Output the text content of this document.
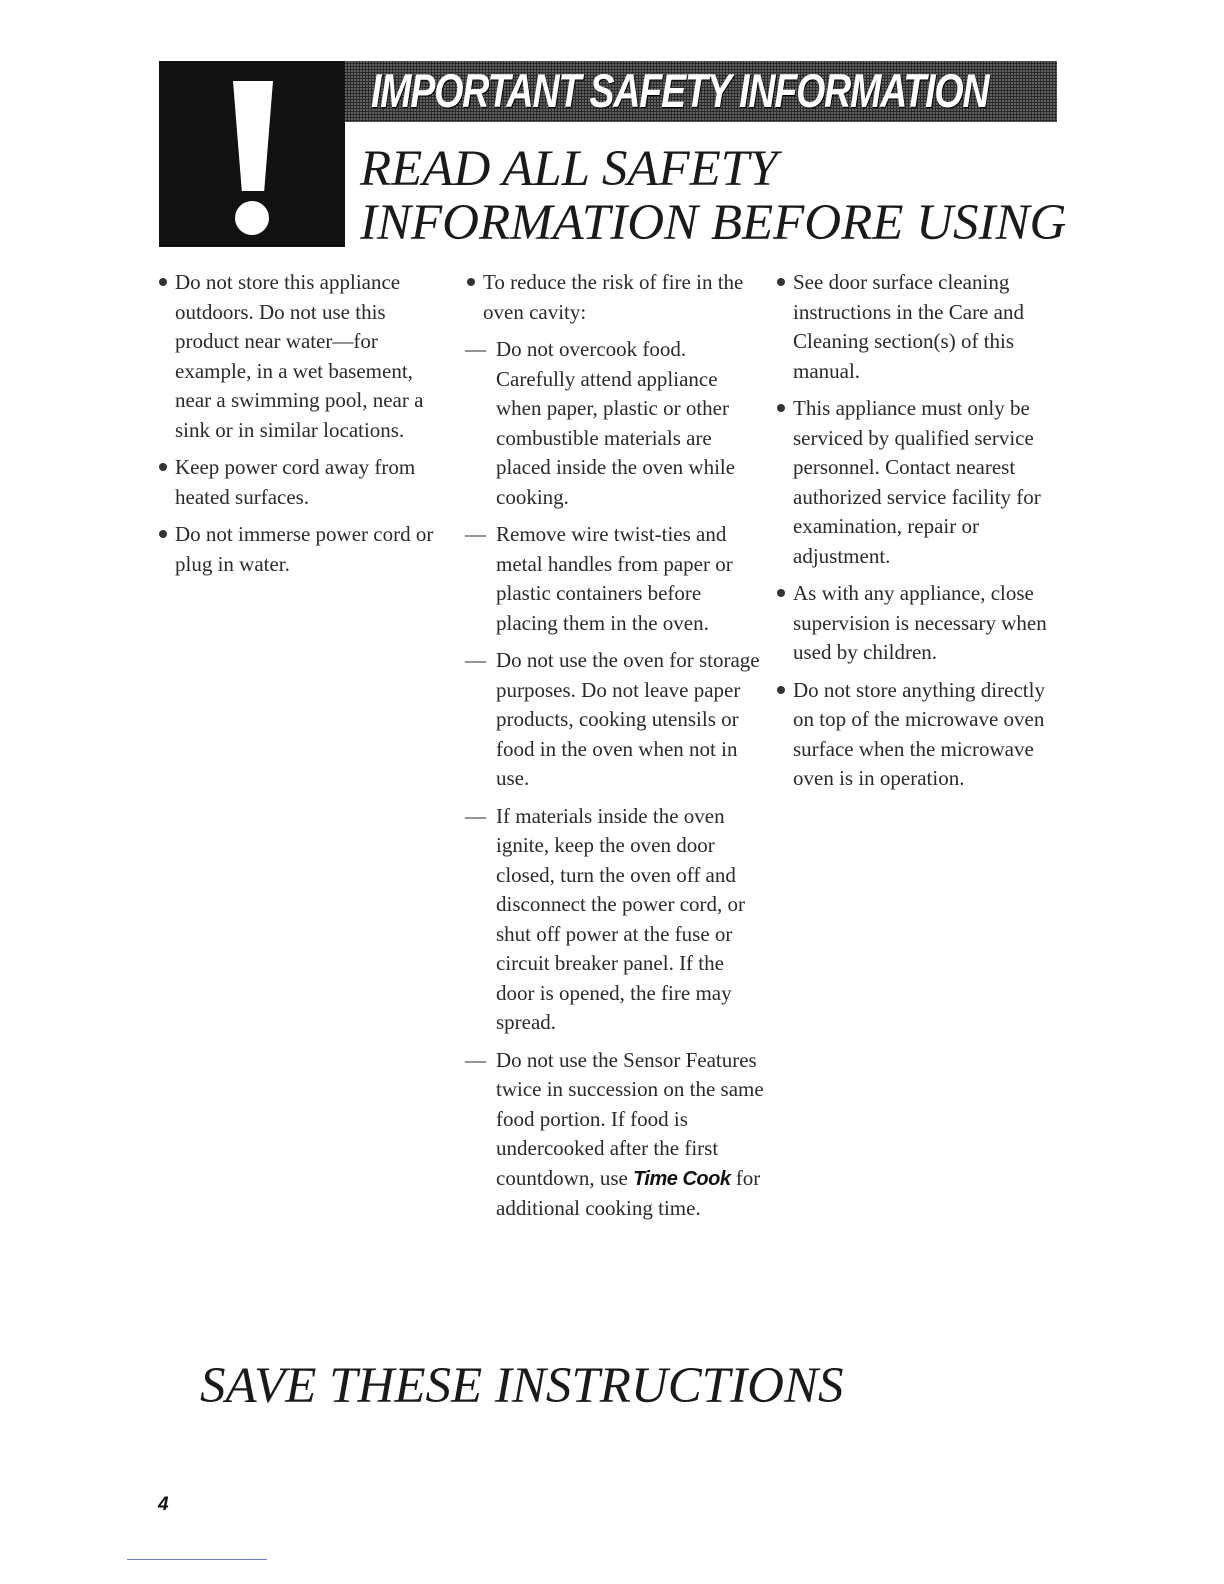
IMPORTANT SAFETY INFORMATION
READ ALL SAFETY
INFORMATION BEFORE USING
Do not store this appliance outdoors. Do not use this product near water—for example, in a wet basement, near a swimming pool, near a sink or in similar locations.
Keep power cord away from heated surfaces.
Do not immerse power cord or plug in water.
To reduce the risk of fire in the oven cavity:
— Do not overcook food. Carefully attend appliance when paper, plastic or other combustible materials are placed inside the oven while cooking.
— Remove wire twist-ties and metal handles from paper or plastic containers before placing them in the oven.
— Do not use the oven for storage purposes. Do not leave paper products, cooking utensils or food in the oven when not in use.
— If materials inside the oven ignite, keep the oven door closed, turn the oven off and disconnect the power cord, or shut off power at the fuse or circuit breaker panel. If the door is opened, the fire may spread.
— Do not use the Sensor Features twice in succession on the same food portion. If food is undercooked after the first countdown, use Time Cook for additional cooking time.
See door surface cleaning instructions in the Care and Cleaning section(s) of this manual.
This appliance must only be serviced by qualified service personnel. Contact nearest authorized service facility for examination, repair or adjustment.
As with any appliance, close supervision is necessary when used by children.
Do not store anything directly on top of the microwave oven surface when the microwave oven is in operation.
SAVE THESE INSTRUCTIONS
4
